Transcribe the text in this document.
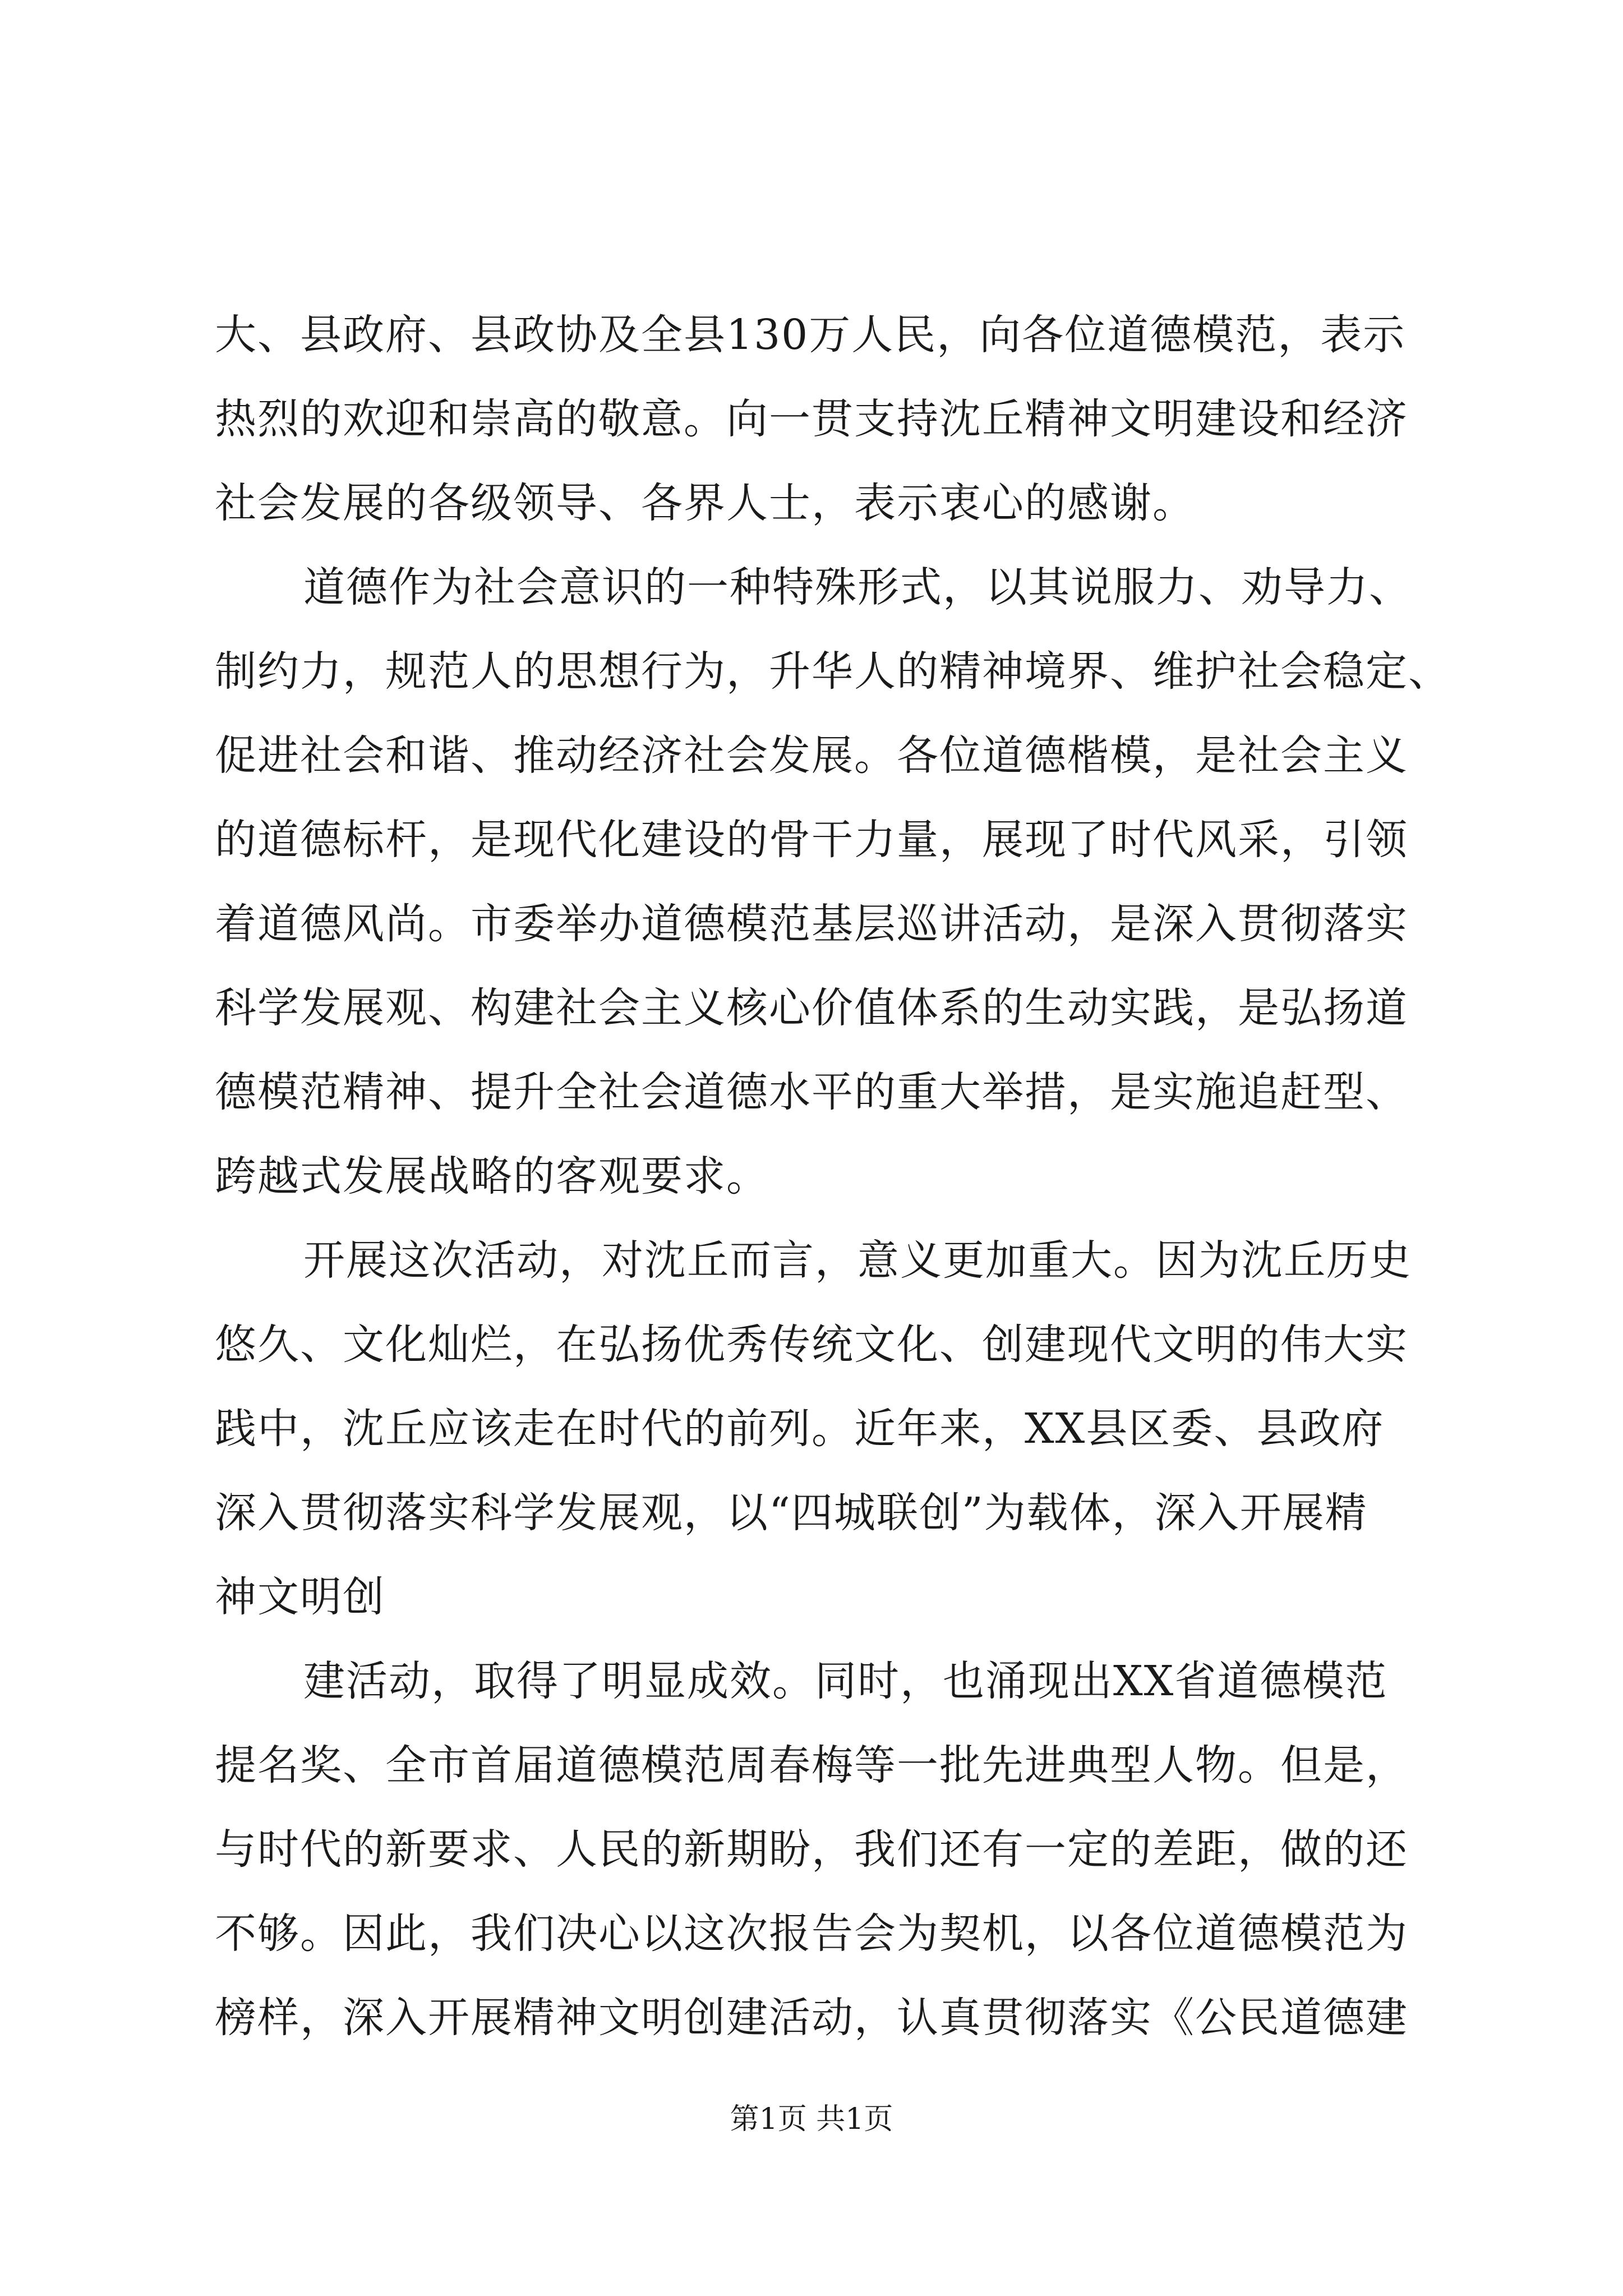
大、县政府、县政协及全县130万人民，向各位道德模范，表示
热烈的欢迎和崇高的敬意。向一贯支持沈丘精神文明建设和经济
社会发展的各级领导、各界人士，表示衷心的感谢。
道德作为社会意识的一种特殊形式，以其说服力、劝导力、
制约力，规范人的思想行为，升华人的精神境界、维护社会稳定、
促进社会和谐、推动经济社会发展。各位道德楷模，是社会主义
的道德标杆，是现代化建设的骨干力量，展现了时代风采，引领
着道德风尚。市委举办道德模范基层巡讲活动，是深入贯彻落实
科学发展观、构建社会主义核心价值体系的生动实践，是弘扬道
德模范精神、提升全社会道德水平的重大举措，是实施追赶型、
跨越式发展战略的客观要求。
开展这次活动，对沈丘而言，意义更加重大。因为沈丘历史
悠久、文化灿烂，在弘扬优秀传统文化、创建现代文明的伟大实
践中，沈丘应该走在时代的前列。近年来，XX县区委、县政府
深入贯彻落实科学发展观，以“四城联创”为载体，深入开展精
神文明创
建活动，取得了明显成效。同时，也涌现出XX省道德模范
提名奖、全市首届道德模范周春梅等一批先进典型人物。但是，
与时代的新要求、人民的新期盼，我们还有一定的差距，做的还
不够。因此，我们决心以这次报告会为契机，以各位道德模范为
榜样，深入开展精神文明创建活动，认真贯彻落实《公民道德建
第1页 共1页
